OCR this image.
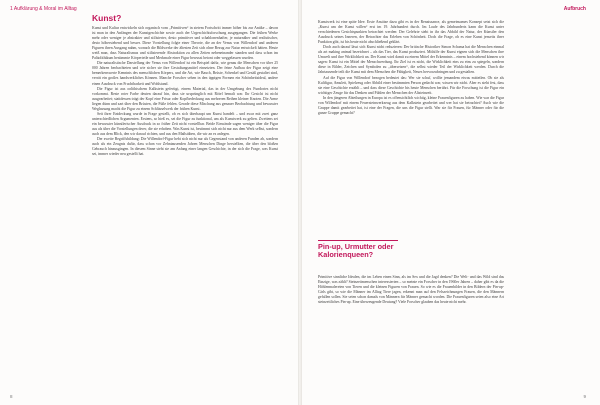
1 Aufklärung & Moral im Alltag
Kunst?

Kunst und Kultur entwickeln sich organisch vom „Primitiven“ in stetem Fortschritt immer höher bis zur Antike – davon ist man in den Anfängen der Kunstgeschichte sowie auch der Urgeschichtsforschung ausgegangen. Die frühen Werke mehr oder weniger je abstrakter und stilisierter, desto primitiver und schablonenhafter, je naturnäher und realistischer, desto höherstehend und besser. Diese Vorstellung folgte einer Theorie, die an der Venus von Willendorf und anderen Figuren ihren Ausgang nahm, wonach die Bildwerke der ältesten Zeit sich ohne Bezug zur Natur entwickelt hätten. Heute weiß man, dass Naturalismus und stilisierende Abstraktion zu allen Zeiten nebeneinander standen und dass schon im Paläolithikum bestimmte Körperteile und Merkmale einer Figur bewusst betont oder weggelassen wurden.

Die naturalistische Darstellung der Venus von Willendorf ist ein Beispiel dafür, wie genau die Menschen vor über 25 000 Jahren beobachteten und wie sicher sie ihre Gestaltungsmittel einsetzten. Der feine Aufbau der Figur zeigt eine bemerkenswerte Kenntnis des menschlichen Körpers, und die Art, wie Bauch, Brüste, Schenkel und Gesäß gestaltet sind, verrät ein großes handwerkliches Können. Manche Forscher sehen in den üppigen Formen ein Schönheitsideal, andere einen Ausdruck von Fruchtbarkeit und Wohlstand.

Die Figur ist aus oolithischem Kalkstein gefertigt, einem Material, das in der Umgebung des Fundortes nicht vorkommt. Reste roter Farbe deuten darauf hin, dass sie ursprünglich mit Rötel bemalt war. Ihr Gesicht ist nicht ausgearbeitet; stattdessen trägt der Kopf eine Frisur oder Kopfbedeckung aus mehreren Reihen kleiner Knoten. Die Arme liegen dünn und zart über den Brüsten, die Füße fehlen. Gerade diese Mischung aus genauer Beobachtung und bewusster Weglassung macht die Figur zu einem Schlüsselwerk der frühen Kunst.

Seit ihrer Entdeckung wurde in Frage gestellt, ob es sich überhaupt um Kunst handelt – und zwar mit zwei ganz unterschiedlichen Argumenten. Erstens, so hieß es, sei die Figur zu funktional, um als Kunstwerk zu gelten. Zweitens sei ein bewusster künstlerischer Ausdruck in so früher Zeit nicht vorstellbar. Beide Einwände sagen weniger über die Figur aus als über die Vorstellungen derer, die sie erhoben. Was Kunst ist, bestimmt sich nicht nur aus dem Werk selbst, sondern auch aus dem Blick, den wir darauf richten, und aus den Maßstäben, die wir an es anlegen.

Der zweite Begriffsbildung: Die Willendorf-Figur hebt sich nicht nur als Gegenstand von anderen Funden ab, sondern auch als ein Zeugnis dafür, dass schon vor Zehntausenden Jahren Menschen Dinge herstellten, die über den bloßen Gebrauch hinausgingen. In diesem Sinne steht sie am Anfang einer langen Geschichte, in der sich die Frage, was Kunst sei, immer wieder neu gestellt hat.

8
Aufbruch

Kunstwerk ist eine späte Idee. Erste Ansätze dazu gibt es in der Renaissance, als gemeinsames Konzept setzt sich die „Kunst um der Kunst willen“ erst im 19. Jahrhundert durch. Im Laufe des Jahrhunderts kann die Kunst unter verschiedenen Gesichtspunkten betrachtet werden: Der Gelehrte sieht in ihr das Abbild der Natur, der Künstler den Ausdruck seines Inneren, der Betrachter das Erleben von Schönheit. Doch die Frage, ob es eine Kunst jenseits ihrer Funktion gibt, ist bis heute nicht abschließend geklärt.

Doch auch darauf lässt sich Kunst nicht reduzieren: Der britische Historiker Simon Schama hat die Menschen einmal als art making animal bezeichnet – als das Tier, das Kunst produziert. Mithilfe der Kunst eignen sich die Menschen ihre Umwelt und ihre Wirklichkeit an. Der Kunst wird damit zu einem Mittel der Erkenntnis – einem hochstehend können wir sagen: Kunst ist ein Mittel der Menschwerdung. Ihr Ziel ist es nicht, die Wirklichkeit eins zu eins zu spiegeln, sondern diese in Bilder, Zeichen und Symbolen zu „übersetzen“, die selbst wieder Teil der Wirklichkeit werden. Durch die Jahrtausende teilt die Kunst mit dem Menschen die Fähigkeit, Neues hervorzubringen und zu gestalten.

Auf die Figur von Willendorf bezogen bedeutet das: Wer sie schuf, wollte jemandem etwas mitteilen. Ob sie als Kultfigur, Amulett, Spielzeug oder Abbild einer bestimmten Person gedacht war, wissen wir nicht. Aber es steht fest, dass sie eine Geschichte erzählt – und dass diese Geschichte bis heute Menschen berührt. Für die Forschung ist die Figur ein wichtiger Zeuge für das Denken und Fühlen der Menschen der Altsteinzeit.

In den jüngeren Abteilungen in Europa ist es offensichtlich wichtig, kleine Frauenfiguren zu haben. Wie war die Figur von Willendorf mit einem Feuersteinwerkzeug aus dem Kalkstein gearbeitet und wer hat sie betrachtet? Auch wie die Gruppe damit gearbeitet hat, ist eine der Fragen, die uns die Figur stellt. War sie für Frauen, für Männer oder für die ganze Gruppe gemacht?

Pin-up, Urmutter oder Kalorienqueen?

Primitive sinnliche Idealen, die im Leben einen Sinn, als im Sex und die Jagd denken? Die Welt- und das Wild sind das Einzige, was zählt? Steinzeitmenschen interessierten – so meinte ein Forscher in den 1960er Jahren – daher gibt es da die Höhlenmalereien von Tieren und die kleinen Figuren von Frauen. So wie es die Frauenbilder in den Bildern der Pin-up-Girls gibt, so wie die Männer im Alltag Tiere jagen, erkennt man auf den Felszeichnungen Frauen, die den Männern gefallen sollen. Sie seien schon damals von Männern für Männer gemacht worden. Die Frauenfiguren seien also eine Art steinzeitliches Pin-up. Eine überzeugende Deutung? Viele Forscher glauben das heute nicht mehr.

9
